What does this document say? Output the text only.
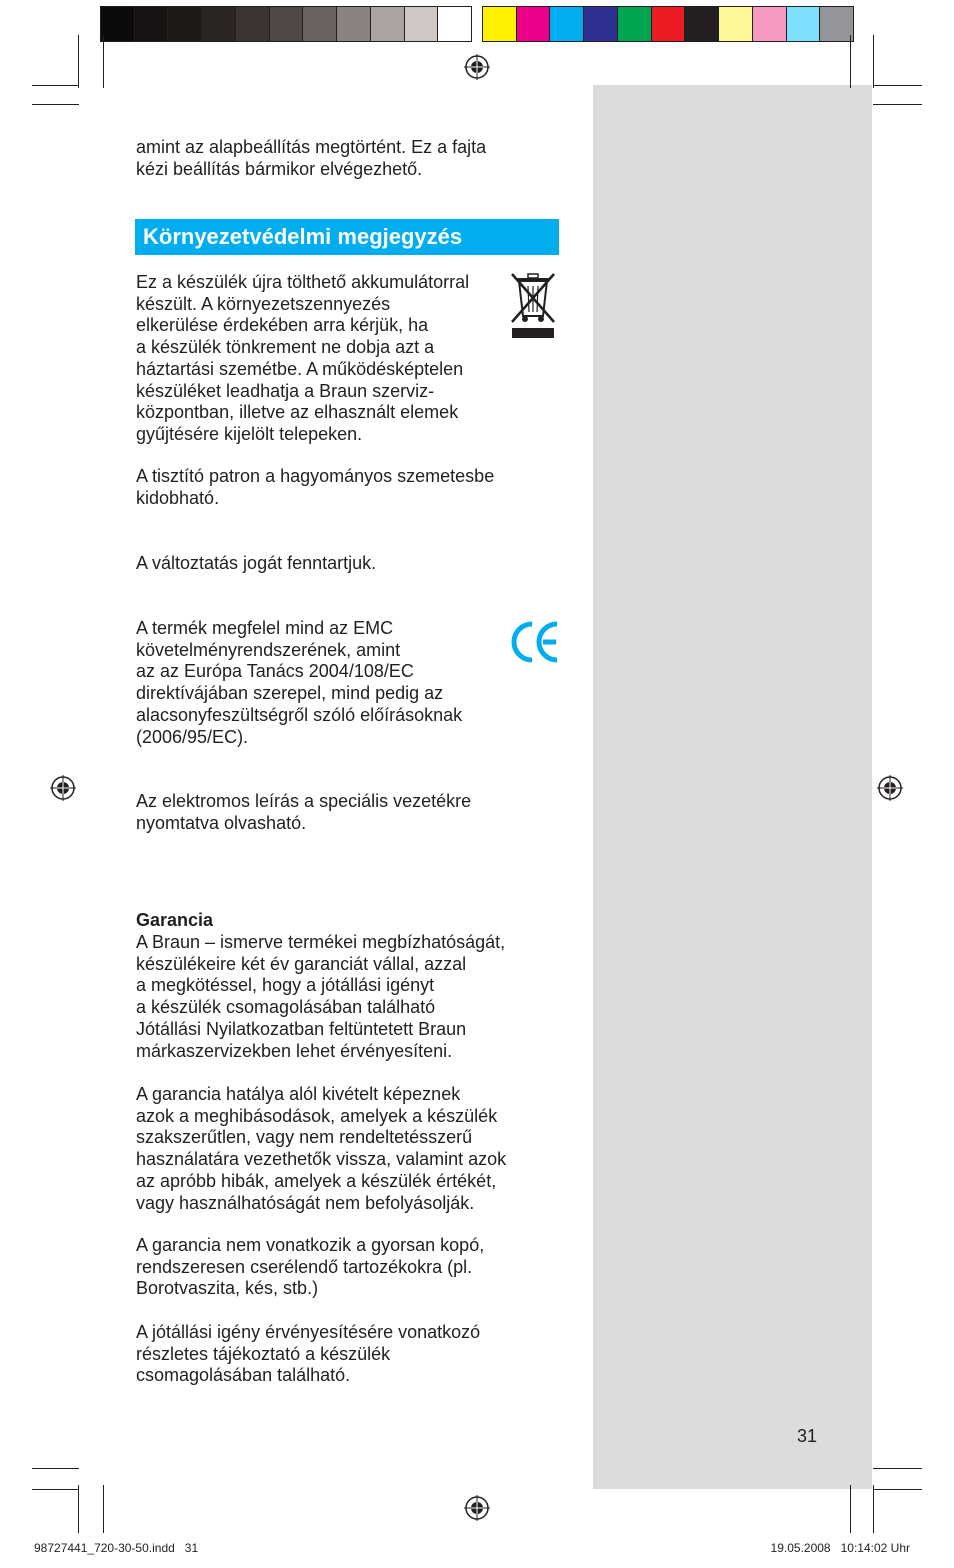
amint az alapbeállítás megtörtént. Ez a fajta
kézi beállítás bármikor elvégezhető.

Környezetvédelmi megjegyzés

Ez a készülék újra tölthető akkumulátorral
készült. A környezetszennyezés
elkerülése érdekében arra kérjük, ha
a készülék tönkrement ne dobja azt a
háztartási szemétbe. A működésképtelen
készüléket leadhatja a Braun szerviz-
központban, illetve az elhasznált elemek
gyűjtésére kijelölt telepeken.

A tisztító patron a hagyományos szemetesbe
kidobható.

A változtatás jogát fenntartjuk.

A termék megfelel mind az EMC
követelményrendszerének, amint
az az Európa Tanács 2004/108/EC
direktívájában szerepel, mind pedig az
alacsonyfeszültségről szóló előírásoknak
(2006/95/EC).

Az elektromos leírás a speciális vezetékre
nyomtatva olvasható.

Garancia

A Braun – ismerve termékei megbízhatóságát,
készülékeire két év garanciát vállal, azzal
a megkötéssel, hogy a jótállási igényt
a készülék csomagolásában található
Jótállási Nyilatkozatban feltüntetett Braun
márkaszervizekben lehet érvényesíteni.

A garancia hatálya alól kivételt képeznek
azok a meghibásodások, amelyek a készülék
szakszerűtlen, vagy nem rendeltetésszerű
használatára vezethetők vissza, valamint azok
az apróbb hibák, amelyek a készülék értékét,
vagy használhatóságát nem befolyásolják.

A garancia nem vonatkozik a gyorsan kopó,
rendszeresen cserélendő tartozékokra (pl.
Borotvaszita, kés, stb.)

A jótállási igény érvényesítésére vonatkozó
részletes tájékoztató a készülék
csomagolásában található.

31
98727441_720-30-50.indd   31	19.05.2008   10:14:02 Uhr
